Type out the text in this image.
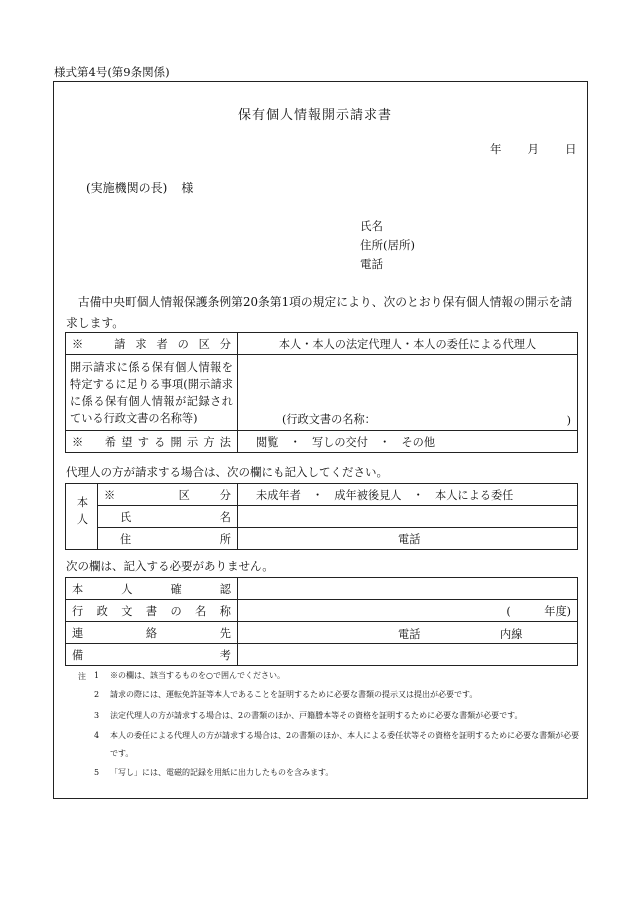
様式第4号(第9条関係)
保有個人情報開示請求書
年 月 日
(実施機関の長) 様
氏名
住所(居所)
電話
　古備中央町個人情報保護条例第20条第1項の規定により、次のとおり保有個人情報の開示を請求します。
※　請求者の区分	本人・本人の法定代理人・本人の委任による代理人
開示請求に係る保有個人情報を特定するに足りる事項(開示請求に係る保有個人情報が記録されている行政文書の名称等)	(行政文書の名称： )

※　希望する開示方法	閲覧　・　写しの交付　・　その他
代理人の方が請求する場合は、次の欄にも記入してください。
本人	※ 区分	未成年者　・　成年被後見人　・　本人による委任
	氏名	
	住所	電話
次の欄は、記入する必要がありません。
本人確認	
行政文書の名称	(　　　年度)
連絡先	電話 内線

備考	
注 1 ※の欄は、該当するものを○で囲んでください。
2 請求の際には、運転免許証等本人であることを証明するために必要な書類の提示又は提出が必要です。
3 法定代理人の方が請求する場合は、2の書類のほか、戸籍謄本等その資格を証明するために必要な書類が必要です。
4 本人の委任による代理人の方が請求する場合は、2の書類のほか、本人による委任状等その資格を証明するために必要な書類が必要です。
5 「写し」には、電磁的記録を用紙に出力したものを含みます。
